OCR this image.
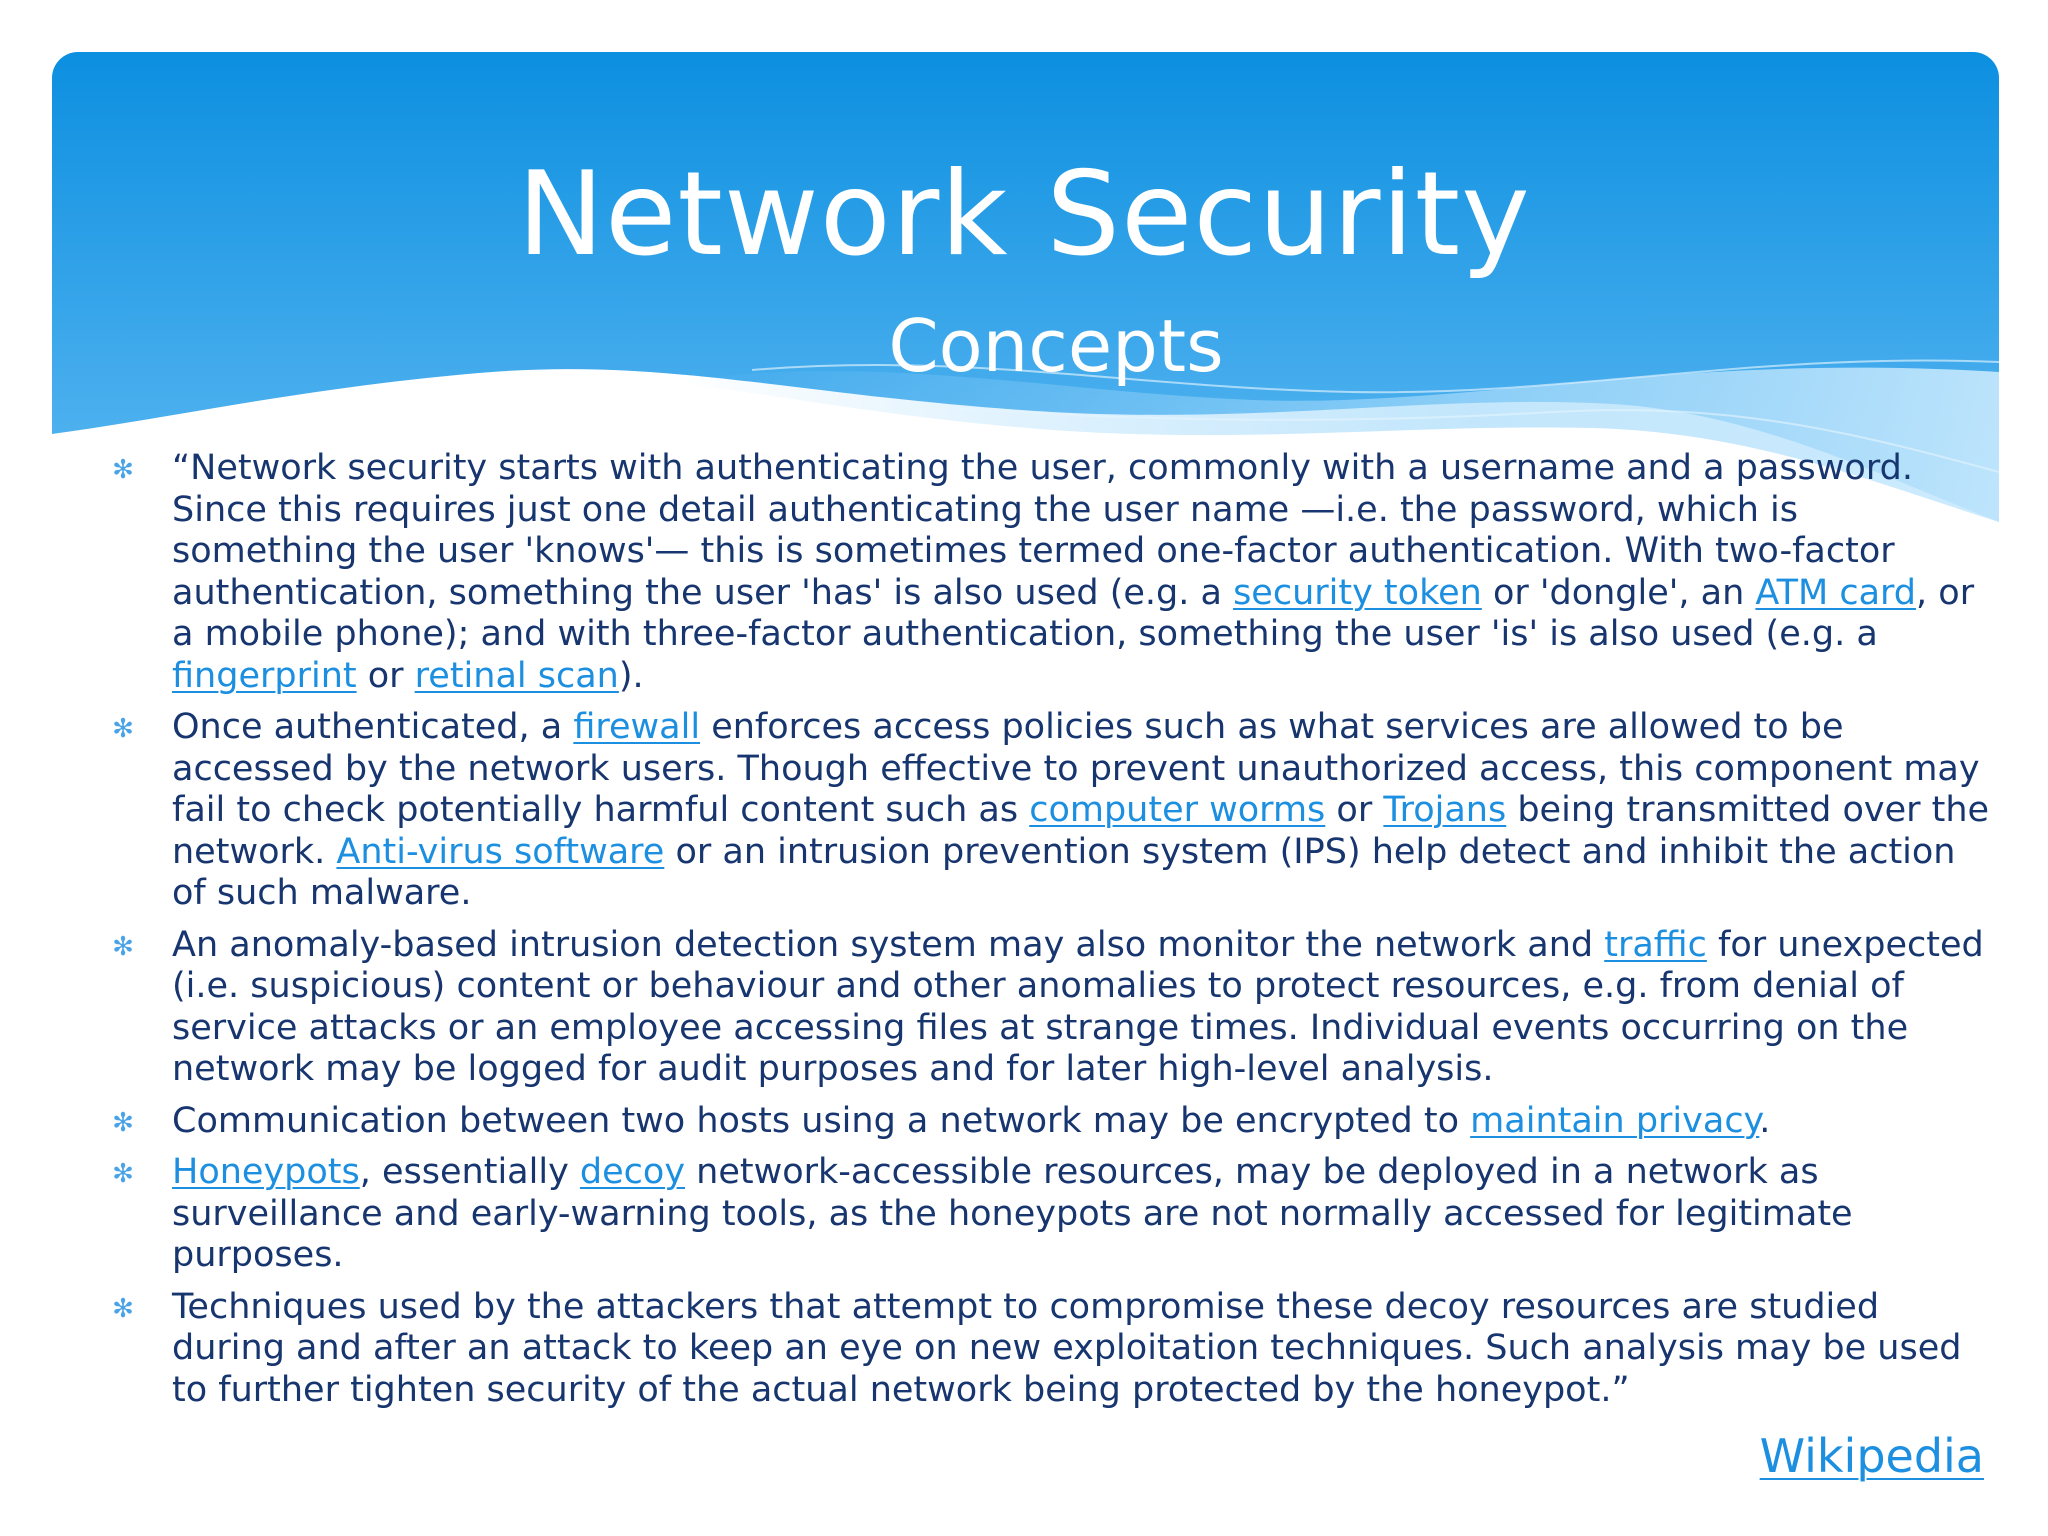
Network Security
Concepts
✻ “Network security starts with authenticating the user, commonly with a username and a password. Since this requires just one detail authenticating the user name —i.e. the password, which is something the user 'knows'— this is sometimes termed one-factor authentication. With two-factor authentication, something the user 'has' is also used (e.g. a security token or 'dongle', an ATM card, or a mobile phone); and with three-factor authentication, something the user 'is' is also used (e.g. a fingerprint or retinal scan).
✻ Once authenticated, a firewall enforces access policies such as what services are allowed to be accessed by the network users. Though effective to prevent unauthorized access, this component may fail to check potentially harmful content such as computer worms or Trojans being transmitted over the network. Anti-virus software or an intrusion prevention system (IPS) help detect and inhibit the action of such malware.
✻ An anomaly-based intrusion detection system may also monitor the network and traffic for unexpected (i.e. suspicious) content or behaviour and other anomalies to protect resources, e.g. from denial of service attacks or an employee accessing files at strange times. Individual events occurring on the network may be logged for audit purposes and for later high-level analysis.
✻ Communication between two hosts using a network may be encrypted to maintain privacy.
✻ Honeypots, essentially decoy network-accessible resources, may be deployed in a network as surveillance and early-warning tools, as the honeypots are not normally accessed for legitimate purposes.
✻ Techniques used by the attackers that attempt to compromise these decoy resources are studied during and after an attack to keep an eye on new exploitation techniques. Such analysis may be used to further tighten security of the actual network being protected by the honeypot.”
Wikipedia
